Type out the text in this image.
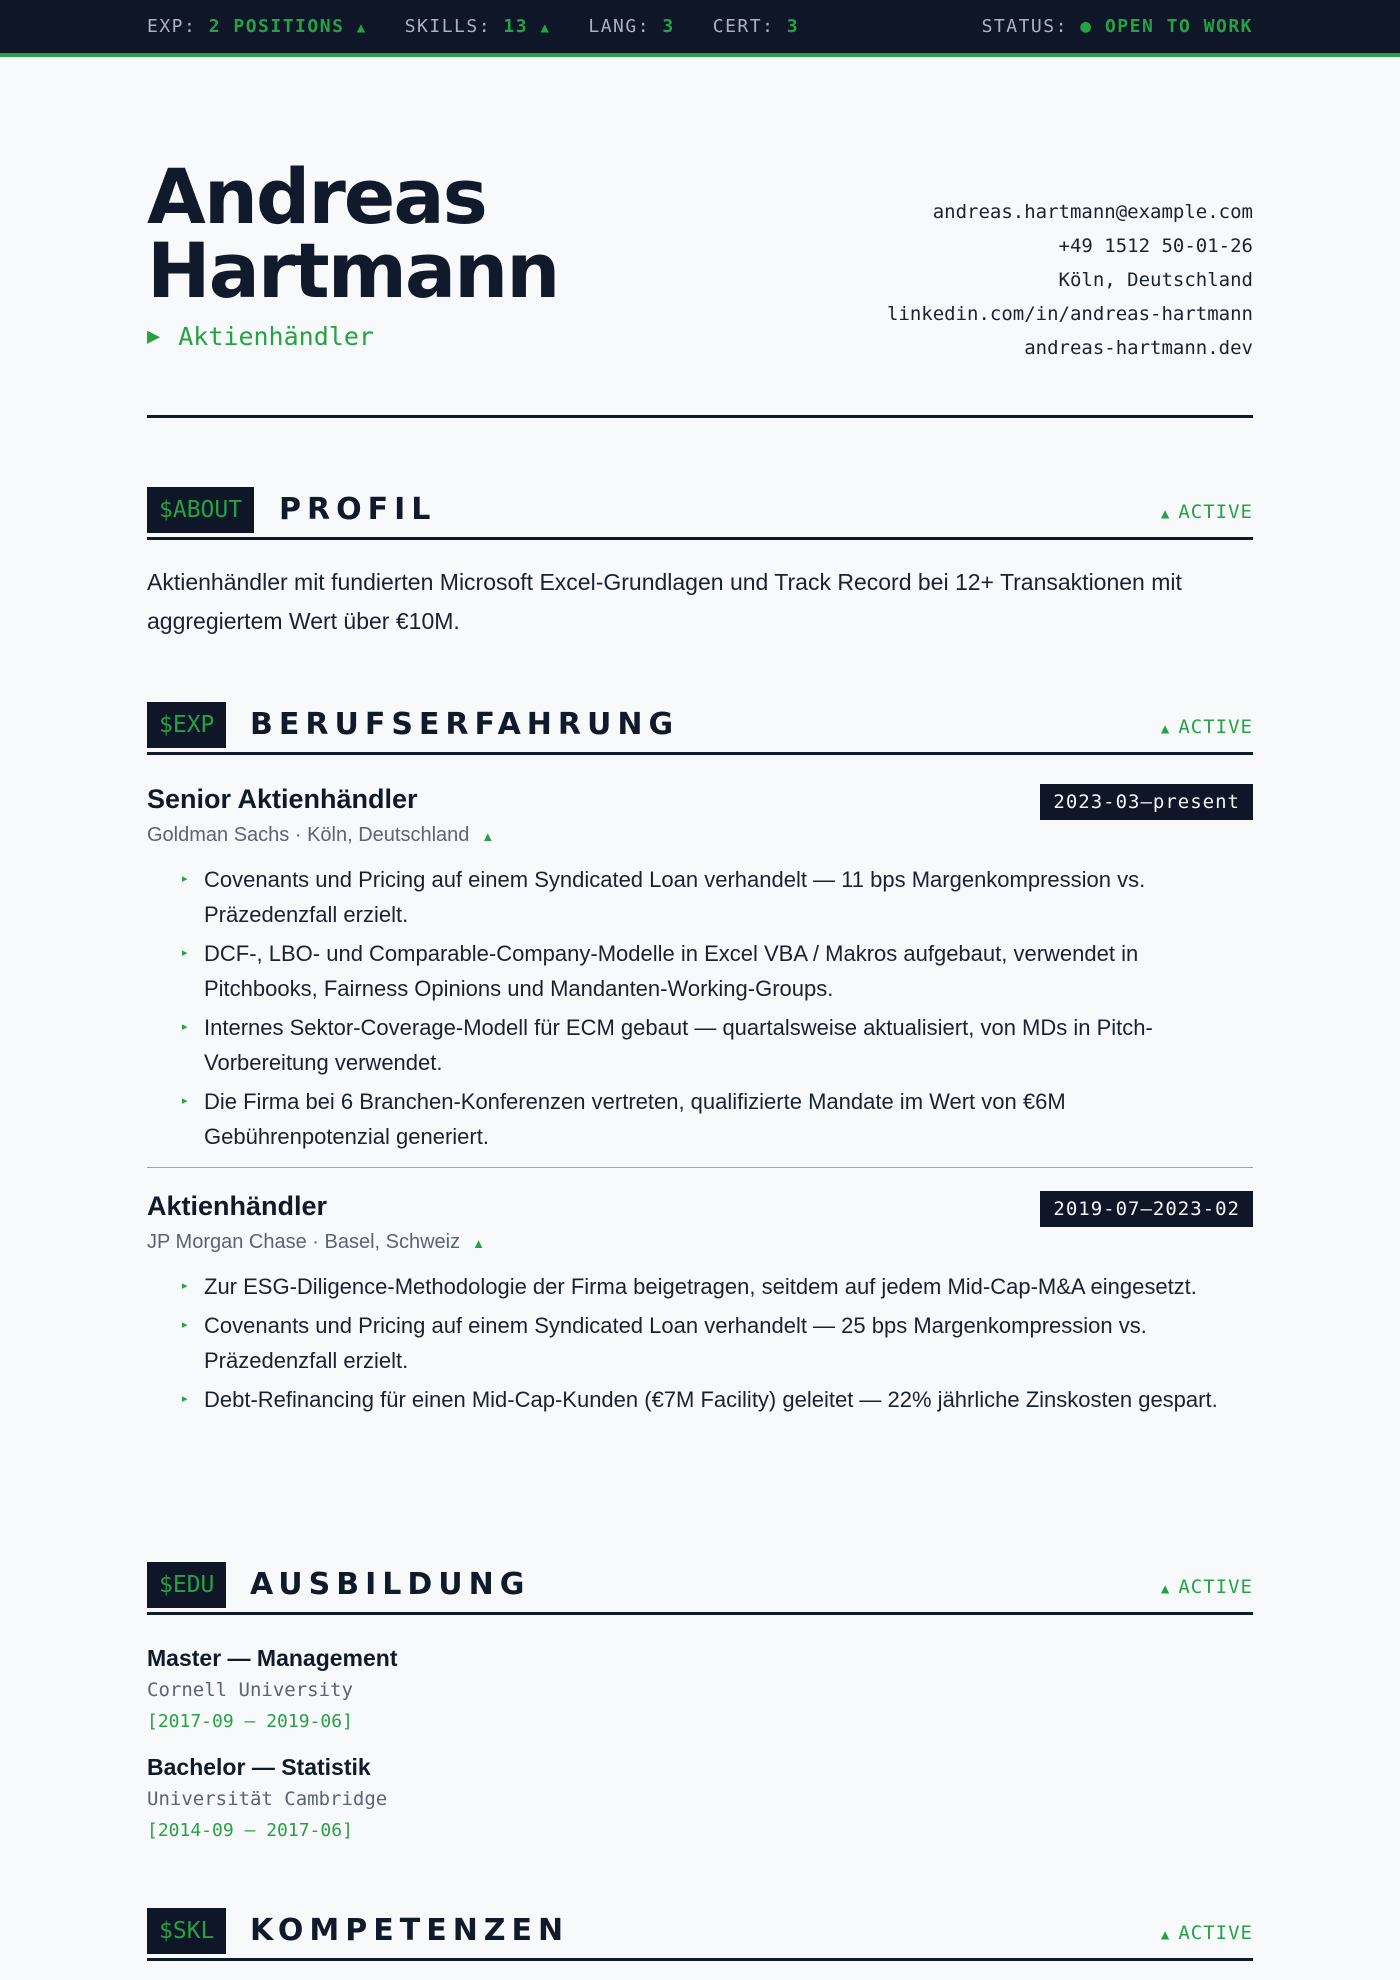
EXP: 2 POSITIONS ▲ SKILLS: 13 ▲ LANG: 3 CERT: 3	STATUS: ● OPEN TO WORK
Andreas
Hartmann
▶ Aktienhändler
andreas.hartmann@example.com
+49 1512 50-01-26
Köln, Deutschland
linkedin.com/in/andreas-hartmann
andreas-hartmann.dev
$ABOUT	PROFIL	▲ ACTIVE

Aktienhändler mit fundierten Microsoft Excel-Grundlagen und Track Record bei 12+ Transaktionen mit aggregiertem Wert über €10M.

$EXP	BERUFSERFAHRUNG	▲ ACTIVE
Senior Aktienhändler	2023-03—present
Goldman Sachs · Köln, Deutschland ▲
▸ Covenants und Pricing auf einem Syndicated Loan verhandelt — 11 bps Margenkompression vs. Präzedenzfall erzielt.
▸ DCF-, LBO- und Comparable-Company-Modelle in Excel VBA / Makros aufgebaut, verwendet in Pitchbooks, Fairness Opinions und Mandanten-Working-Groups.
▸ Internes Sektor-Coverage-Modell für ECM gebaut — quartalsweise aktualisiert, von MDs in Pitch-Vorbereitung verwendet.
▸ Die Firma bei 6 Branchen-Konferenzen vertreten, qualifizierte Mandate im Wert von €6M Gebührenpotenzial generiert.
Aktienhändler	2019-07—2023-02
JP Morgan Chase · Basel, Schweiz ▲
▸ Zur ESG-Diligence-Methodologie der Firma beigetragen, seitdem auf jedem Mid-Cap-M&A eingesetzt.
▸ Covenants und Pricing auf einem Syndicated Loan verhandelt — 25 bps Margenkompression vs. Präzedenzfall erzielt.
▸ Debt-Refinancing für einen Mid-Cap-Kunden (€7M Facility) geleitet — 22% jährliche Zinskosten gespart.
$EDU	AUSBILDUNG	▲ ACTIVE
Master — Management
Cornell University
[2017-09 – 2019-06]
Bachelor — Statistik
Universität Cambridge
[2014-09 – 2017-06]
$SKL	KOMPETENZEN	▲ ACTIVE
